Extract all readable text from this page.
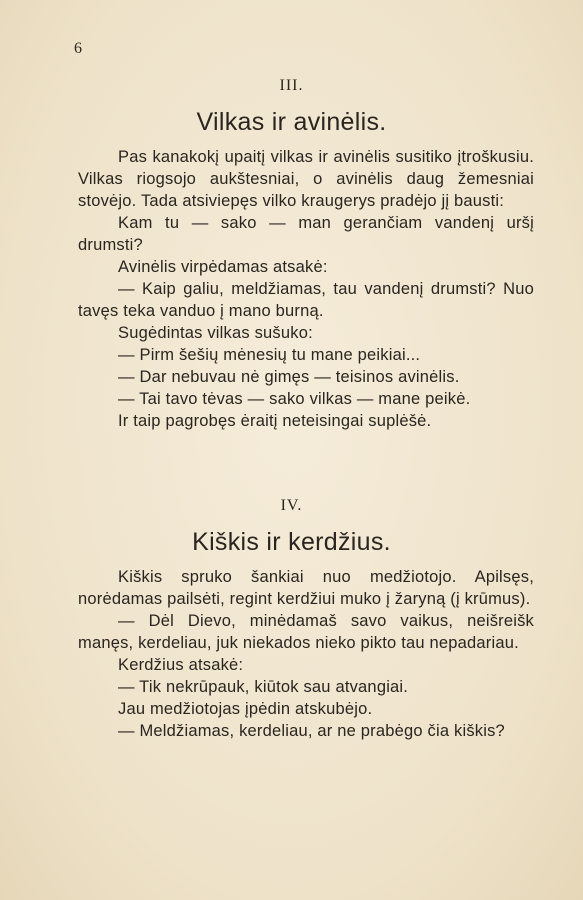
6
III.
Vilkas ir avinėlis.

Pas kanakokį upaitį vilkas ir avinėlis susitiko įtroškusiu. Vilkas riogsojo aukštesniai, o avinėlis daug žemesniai stovėjo. Tada atsiviepęs vilko kraugerys pradėjo jį bausti:

Kam tu — sako — man gerančiam vandenį uršį drumsti?

Avinėlis virpėdamas atsakė:

— Kaip galiu, meldžiamas, tau vandenį drumsti? Nuo tavęs teka vanduo į mano burną.

Sugėdintas vilkas sušuko:

— Pirm šešių mėnesių tu mane peikiai...

— Dar nebuvau nė gimęs — teisinos avinėlis.

— Tai tavo tėvas — sako vilkas — mane peikė.

Ir taip pagrobęs ėraitį neteisingai suplėšė.

IV.
Kiškis ir kerdžius.

Kiškis spruko šankiai nuo medžiotojo. Apilsęs, norėdamas pailsėti, regint kerdžiui muko į žaryną (į krūmus).

— Dėl Dievo, minėdamaš savo vaikus, neišreišk manęs, kerdeliau, juk niekados nieko pikto tau nepadariau.

Kerdžius atsakė:

— Tik nekrūpauk, kiūtok sau atvangiai.

Jau medžiotojas įpėdin atskubėjo.

— Meldžiamas, kerdeliau, ar ne prabėgo čia kiškis?
